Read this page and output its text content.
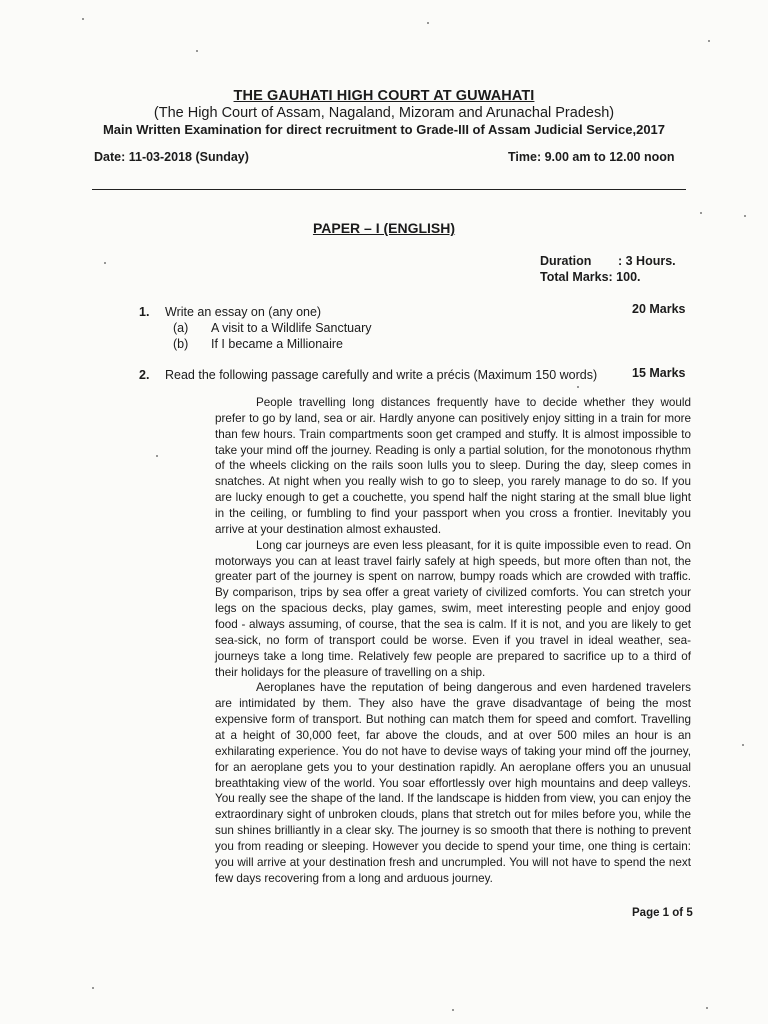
THE GAUHATI HIGH COURT AT GUWAHATI
(The High Court of Assam, Nagaland, Mizoram and Arunachal Pradesh)
Main Written Examination for direct recruitment to Grade-III of Assam Judicial Service,2017
Date: 11-03-2018 (Sunday)	Time: 9.00 am to 12.00 noon
PAPER – I (ENGLISH)
Duration : 3 Hours.
Total Marks: 100.
1. Write an essay on (any one)	20 Marks
(a) A visit to a Wildlife Sanctuary
(b) If I became a Millionaire
2. Read the following passage carefully and write a précis (Maximum 150 words)	15 Marks

People travelling long distances frequently have to decide whether they would prefer to go by land, sea or air. Hardly anyone can positively enjoy sitting in a train for more than few hours. Train compartments soon get cramped and stuffy. It is almost impossible to take your mind off the journey. Reading is only a partial solution, for the monotonous rhythm of the wheels clicking on the rails soon lulls you to sleep. During the day, sleep comes in snatches. At night when you really wish to go to sleep, you rarely manage to do so. If you are lucky enough to get a couchette, you spend half the night staring at the small blue light in the ceiling, or fumbling to find your passport when you cross a frontier. Inevitably you arrive at your destination almost exhausted.

Long car journeys are even less pleasant, for it is quite impossible even to read. On motorways you can at least travel fairly safely at high speeds, but more often than not, the greater part of the journey is spent on narrow, bumpy roads which are crowded with traffic. By comparison, trips by sea offer a great variety of civilized comforts. You can stretch your legs on the spacious decks, play games, swim, meet interesting people and enjoy good food - always assuming, of course, that the sea is calm. If it is not, and you are likely to get sea-sick, no form of transport could be worse. Even if you travel in ideal weather, sea-journeys take a long time. Relatively few people are prepared to sacrifice up to a third of their holidays for the pleasure of travelling on a ship.

Aeroplanes have the reputation of being dangerous and even hardened travelers are intimidated by them. They also have the grave disadvantage of being the most expensive form of transport. But nothing can match them for speed and comfort. Travelling at a height of 30,000 feet, far above the clouds, and at over 500 miles an hour is an exhilarating experience. You do not have to devise ways of taking your mind off the journey, for an aeroplane gets you to your destination rapidly. An aeroplane offers you an unusual breathtaking view of the world. You soar effortlessly over high mountains and deep valleys. You really see the shape of the land. If the landscape is hidden from view, you can enjoy the extraordinary sight of unbroken clouds, plans that stretch out for miles before you, while the sun shines brilliantly in a clear sky. The journey is so smooth that there is nothing to prevent you from reading or sleeping. However you decide to spend your time, one thing is certain: you will arrive at your destination fresh and uncrumpled. You will not have to spend the next few days recovering from a long and arduous journey.

Page 1 of 5
